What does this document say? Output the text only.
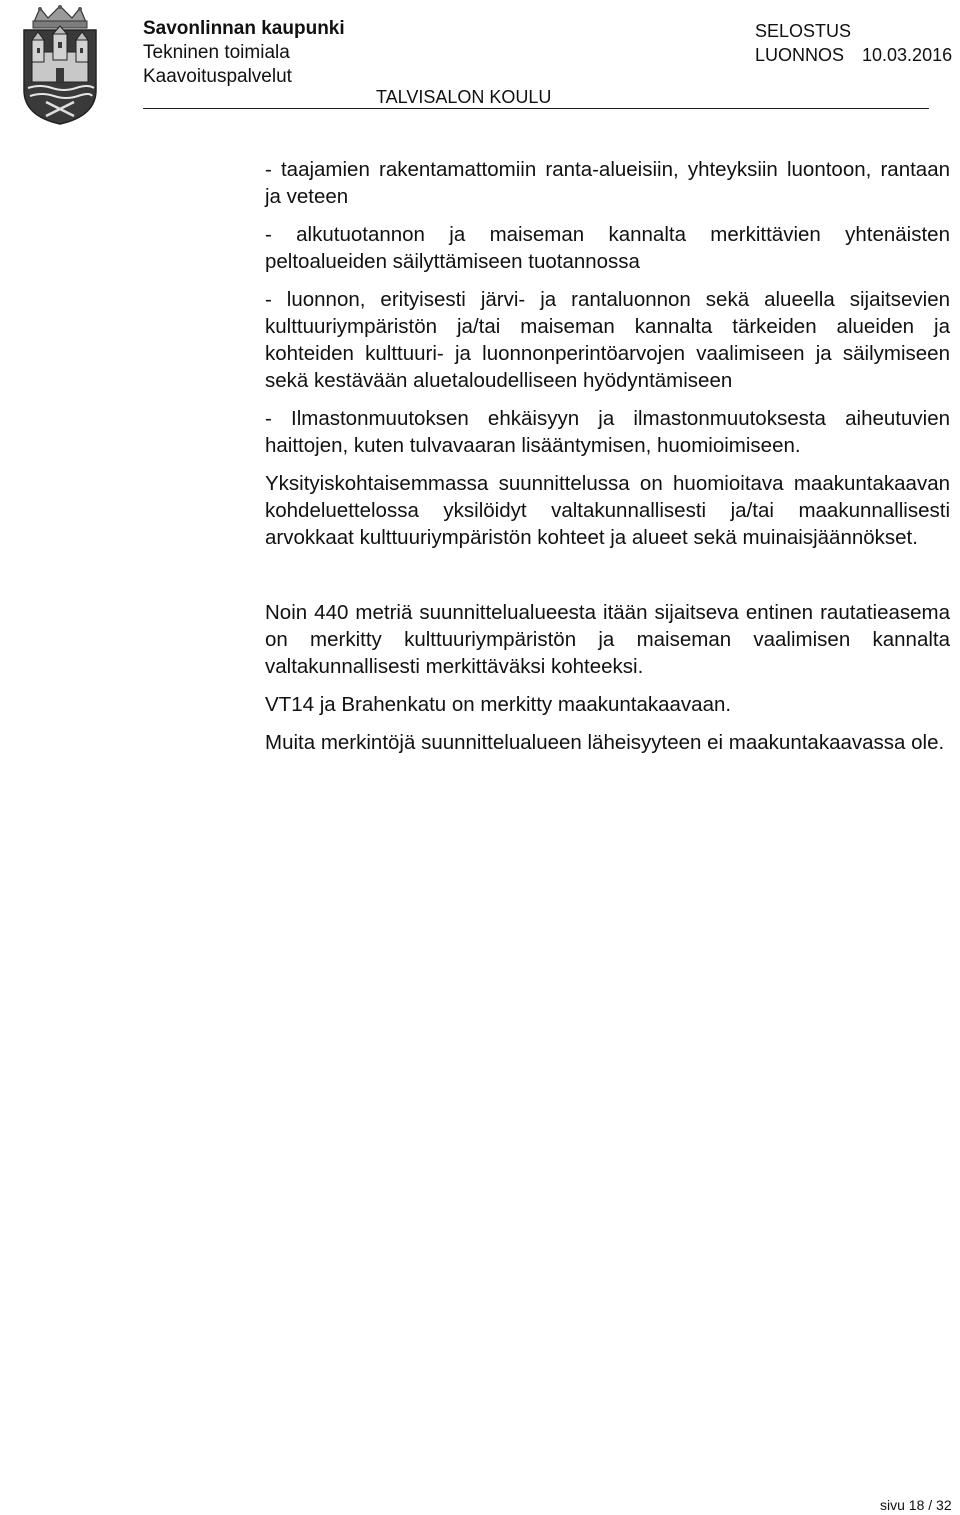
Savonlinnan kaupunki
Tekninen toimiala
Kaavoituspalvelut
SELOSTUS
LUONNOS 10.03.2016
TALVISALON KOULU

- taajamien rakentamattomiin ranta-alueisiin, yhteyksiin luontoon, rantaan ja veteen

- alkutuotannon ja maiseman kannalta merkittävien yhtenäisten peltoalueiden säilyttämiseen tuotannossa

- luonnon, erityisesti järvi- ja rantaluonnon sekä alueella sijaitsevien kulttuuriympäristön ja/tai maiseman kannalta tärkeiden alueiden ja kohteiden kulttuuri- ja luonnonperintöarvojen vaalimiseen ja säilymiseen sekä kestävään aluetaloudelliseen hyödyntämiseen

- Ilmastonmuutoksen ehkäisyyn ja ilmastonmuutoksesta aiheutuvien haittojen, kuten tulvavaaran lisääntymisen, huomioimiseen.

Yksityiskohtaisemmassa suunnittelussa on huomioitava maakuntakaavan kohdeluettelossa yksilöidyt valtakunnallisesti ja/tai maakunnallisesti arvokkaat kulttuuriympäristön kohteet ja alueet sekä muinaisjäännökset.

Noin 440 metriä suunnittelualueesta itään sijaitseva entinen rautatieasema on merkitty kulttuuriympäristön ja maiseman vaalimisen kannalta valtakunnallisesti merkittäväksi kohteeksi.

VT14 ja Brahenkatu on merkitty maakuntakaavaan.

Muita merkintöjä suunnittelualueen läheisyyteen ei maakuntakaavassa ole.

sivu 18 / 32
